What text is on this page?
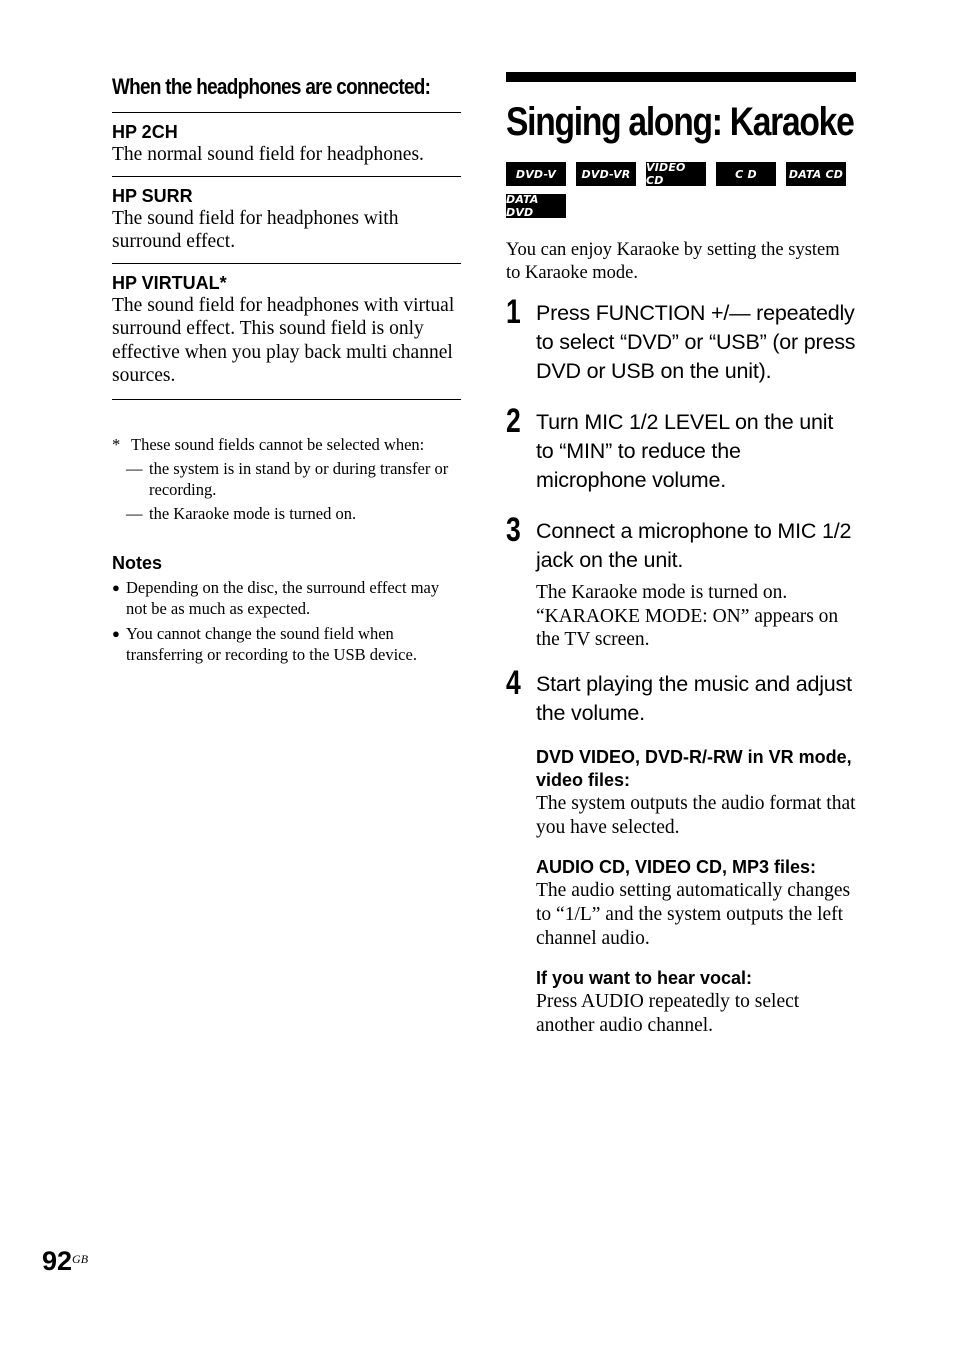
When the headphones are connected:

HP 2CH

The normal sound field for headphones.

HP SURR

The sound field for headphones with surround effect.

HP VIRTUAL*

The sound field for headphones with virtual surround effect. This sound field is only effective when you play back multi channel sources.

* These sound fields cannot be selected when:
— the system is in stand by or during transfer or recording.
— the Karaoke mode is turned on.

Notes

● Depending on the disc, the surround effect may not be as much as expected.
● You cannot change the sound field when transferring or recording to the USB device.
Singing along: Karaoke
DVD-V	DVD-VR	VIDEO CD	C D	DATA CD
DATA DVD

You can enjoy Karaoke by setting the system to Karaoke mode.

1 Press FUNCTION +/— repeatedly to select “DVD” or “USB” (or press DVD or USB on the unit).

2 Turn MIC 1/2 LEVEL on the unit to “MIN” to reduce the microphone volume.

3 Connect a microphone to MIC 1/2 jack on the unit.

The Karaoke mode is turned on. “KARAOKE MODE: ON” appears on the TV screen.

4 Start playing the music and adjust the volume.

DVD VIDEO, DVD-R/-RW in VR mode, video files:

The system outputs the audio format that you have selected.

AUDIO CD, VIDEO CD, MP3 files:

The audio setting automatically changes to “1/L” and the system outputs the left channel audio.

If you want to hear vocal:

Press AUDIO repeatedly to select another audio channel.

$92^{GB}$
